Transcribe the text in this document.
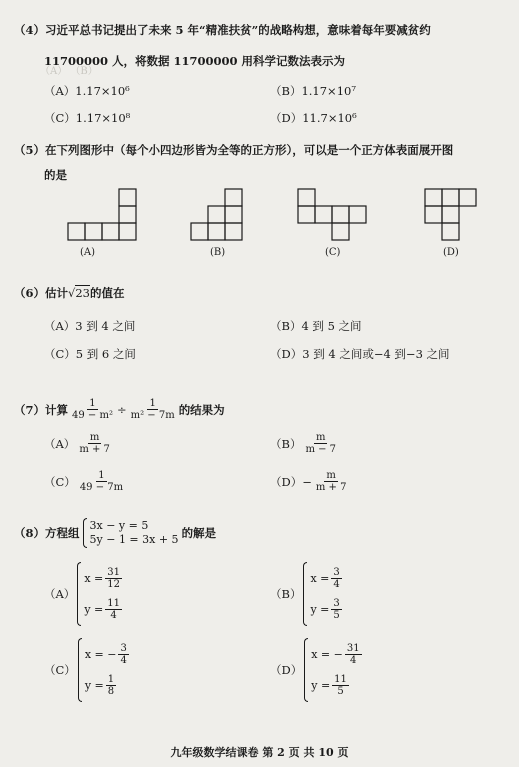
（A） （B）
（4）习近平总书记提出了未来 5 年“精准扶贫”的战略构想，意味着每年要减贫约
11700000 人，将数据 11700000 用科学记数法表示为
（A）1.17×10⁶	（B）1.17×10⁷
（C）1.17×10⁸	（D）11.7×10⁶
（5）在下列图形中（每个小四边形皆为全等的正方形），可以是一个正方体表面展开图
的是
(A)	(B)	(C)	(D)
（6）估计√23的值在
（A）3 到 4 之间	（B）4 到 5 之间
（C）5 到 6 之间	（D）3 到 4 之间或−4 到−3 之间
（7）计算 $\frac{1}{\text{49 − m²}} \div \frac{1}{\text{m² − 7m}}$ 的结果为
$(A) \frac{m}{m + 7}$	$(B) \frac{m}{m - 7}$
$(C) \frac{1}{49 - 7m}$	$(D) - \frac{m}{m + 7}$
（8）方程组
3x − y = 5
5y − 1 = 3x + 5 的解是
（A）
$x = \frac{31}{12}$
$y = \frac{11}{4}$
（B）
$x = \frac{3}{4}$
$y = \frac{3}{5}$
（C）
x = − $\frac{3}{4}$
$y = \frac{1}{8}$
（D）
x = − $\frac{31}{4}$
$y = \frac{11}{5}$
九年级数学结课卷 第 2 页 共 10 页
